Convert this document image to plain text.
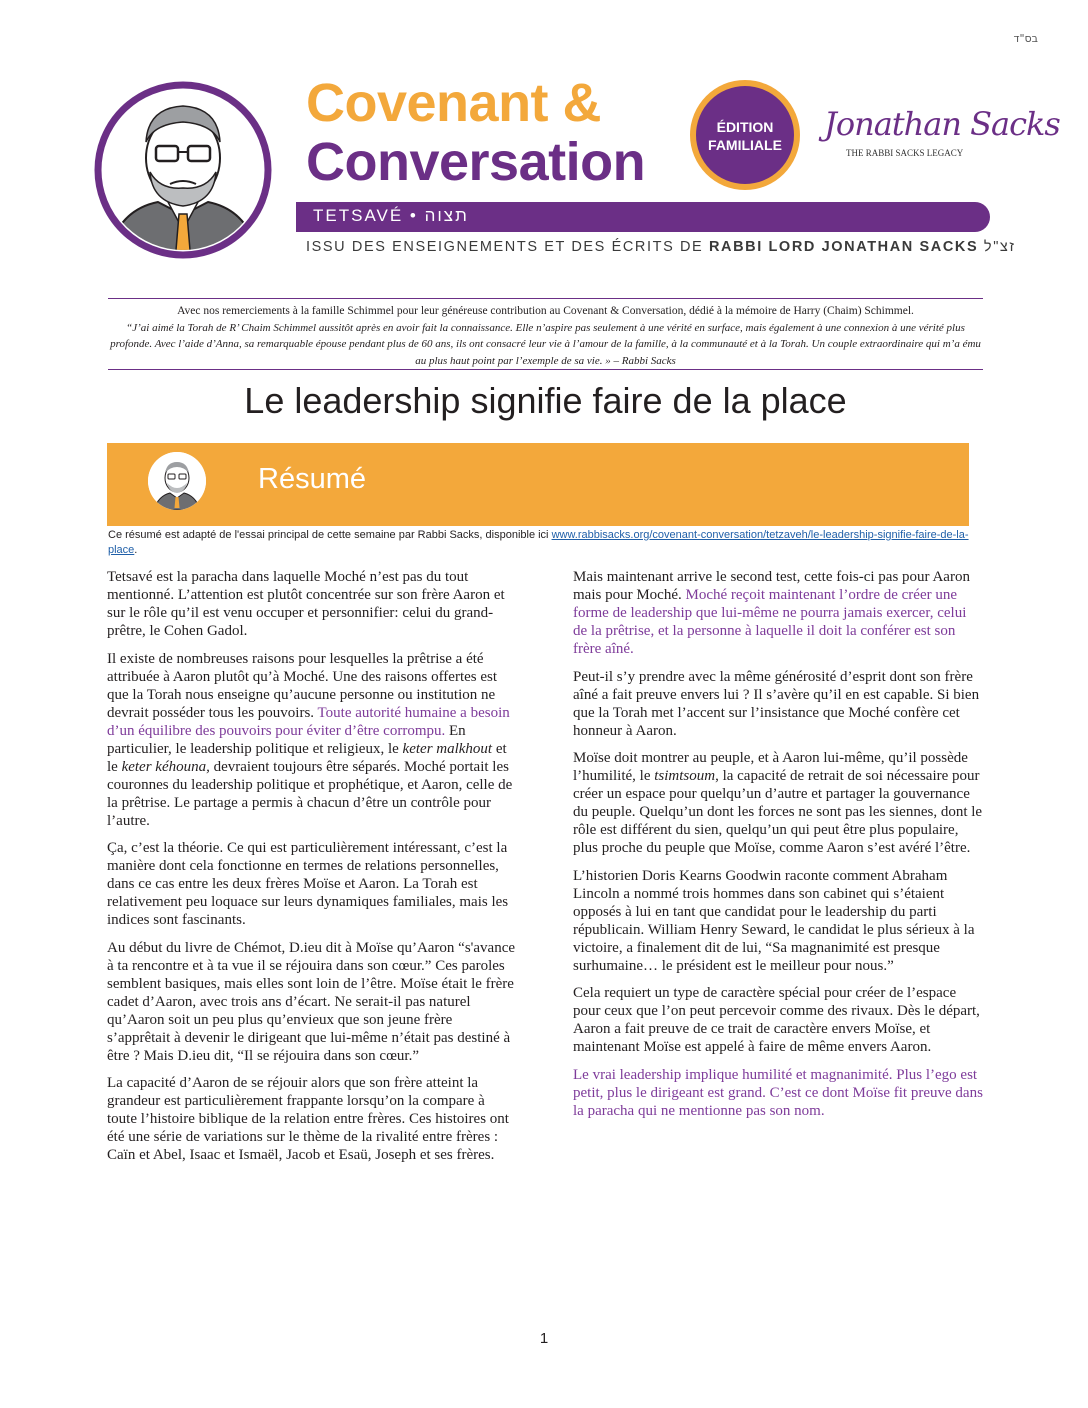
בס"ד
Covenant &
Conversation
ÉDITION
FAMILIALE
Jonathan Sacks
THE RABBI SACKS LEGACY
TETSAVÉ • תצוה
ISSU DES ENSEIGNEMENTS ET DES ÉCRITS DE RABBI LORD JONATHAN SACKS זצ"ל
Avec nos remerciements à la famille Schimmel pour leur généreuse contribution au Covenant & Conversation, dédié à la mémoire de Harry (Chaim) Schimmel.
“J’ai aimé la Torah de R’ Chaim Schimmel aussitôt après en avoir fait la connaissance. Elle n’aspire pas seulement à une vérité en surface, mais également à une connexion à une vérité plus profonde. Avec l’aide d’Anna, sa remarquable épouse pendant plus de 60 ans, ils ont consacré leur vie à l’amour de la famille, à la communauté et à la Torah. Un couple extraordinaire qui m’a ému au plus haut point par l’exemple de sa vie. » – Rabbi Sacks
Le leadership signifie faire de la place
Résumé
Ce résumé est adapté de l'essai principal de cette semaine par Rabbi Sacks, disponible ici www.rabbisacks.org/covenant-conversation/tetzaveh/le-leadership-signifie-faire-de-la-place.

Tetsavé est la paracha dans laquelle Moché n’est pas du tout mentionné. L’attention est plutôt concentrée sur son frère Aaron et sur le rôle qu’il est venu occuper et personnifier: celui du grand-prêtre, le Cohen Gadol.

Il existe de nombreuses raisons pour lesquelles la prêtrise a été attribuée à Aaron plutôt qu’à Moché. Une des raisons offertes est que la Torah nous enseigne qu’aucune personne ou institution ne devrait posséder tous les pouvoirs. Toute autorité humaine a besoin d’un équilibre des pouvoirs pour éviter d’être corrompu. En particulier, le leadership politique et religieux, le keter malkhout et le keter kéhouna, devraient toujours être séparés. Moché portait les couronnes du leadership politique et prophétique, et Aaron, celle de la prêtrise. Le partage a permis à chacun d’être un contrôle pour l’autre.

Ça, c’est la théorie. Ce qui est particulièrement intéressant, c’est la manière dont cela fonctionne en termes de relations personnelles, dans ce cas entre les deux frères Moïse et Aaron. La Torah est relativement peu loquace sur leurs dynamiques familiales, mais les indices sont fascinants.

Au début du livre de Chémot, D.ieu dit à Moïse qu’Aaron “s'avance à ta rencontre et à ta vue il se réjouira dans son cœur.” Ces paroles semblent basiques, mais elles sont loin de l’être. Moïse était le frère cadet d’Aaron, avec trois ans d’écart. Ne serait-il pas naturel qu’Aaron soit un peu plus qu’envieux que son jeune frère s’apprêtait à devenir le dirigeant que lui-même n’était pas destiné à être ? Mais D.ieu dit, “Il se réjouira dans son cœur.”

La capacité d’Aaron de se réjouir alors que son frère atteint la grandeur est particulièrement frappante lorsqu’on la compare à toute l’histoire biblique de la relation entre frères. Ces histoires ont été une série de variations sur le thème de la rivalité entre frères : Caïn et Abel, Isaac et Ismaël, Jacob et Esaü, Joseph et ses frères.

Mais maintenant arrive le second test, cette fois-ci pas pour Aaron mais pour Moché. Moché reçoit maintenant l’ordre de créer une forme de leadership que lui-même ne pourra jamais exercer, celui de la prêtrise, et la personne à laquelle il doit la conférer est son frère aîné.

Peut-il s’y prendre avec la même générosité d’esprit dont son frère aîné a fait preuve envers lui ? Il s’avère qu’il en est capable. Si bien que la Torah met l’accent sur l’insistance que Moché confère cet honneur à Aaron.

Moïse doit montrer au peuple, et à Aaron lui-même, qu’il possède l’humilité, le tsimtsoum, la capacité de retrait de soi nécessaire pour créer un espace pour quelqu’un d’autre et partager la gouvernance du peuple. Quelqu’un dont les forces ne sont pas les siennes, dont le rôle est différent du sien, quelqu’un qui peut être plus populaire, plus proche du peuple que Moïse, comme Aaron s’est avéré l’être.

L’historien Doris Kearns Goodwin raconte comment Abraham Lincoln a nommé trois hommes dans son cabinet qui s’étaient opposés à lui en tant que candidat pour le leadership du parti républicain. William Henry Seward, le candidat le plus sérieux à la victoire, a finalement dit de lui, “Sa magnanimité est presque surhumaine… le président est le meilleur pour nous.”

Cela requiert un type de caractère spécial pour créer de l’espace pour ceux que l’on peut percevoir comme des rivaux. Dès le départ, Aaron a fait preuve de ce trait de caractère envers Moïse, et maintenant Moïse est appelé à faire de même envers Aaron.

Le vrai leadership implique humilité et magnanimité. Plus l’ego est petit, plus le dirigeant est grand. C’est ce dont Moïse fit preuve dans la paracha qui ne mentionne pas son nom.

1
